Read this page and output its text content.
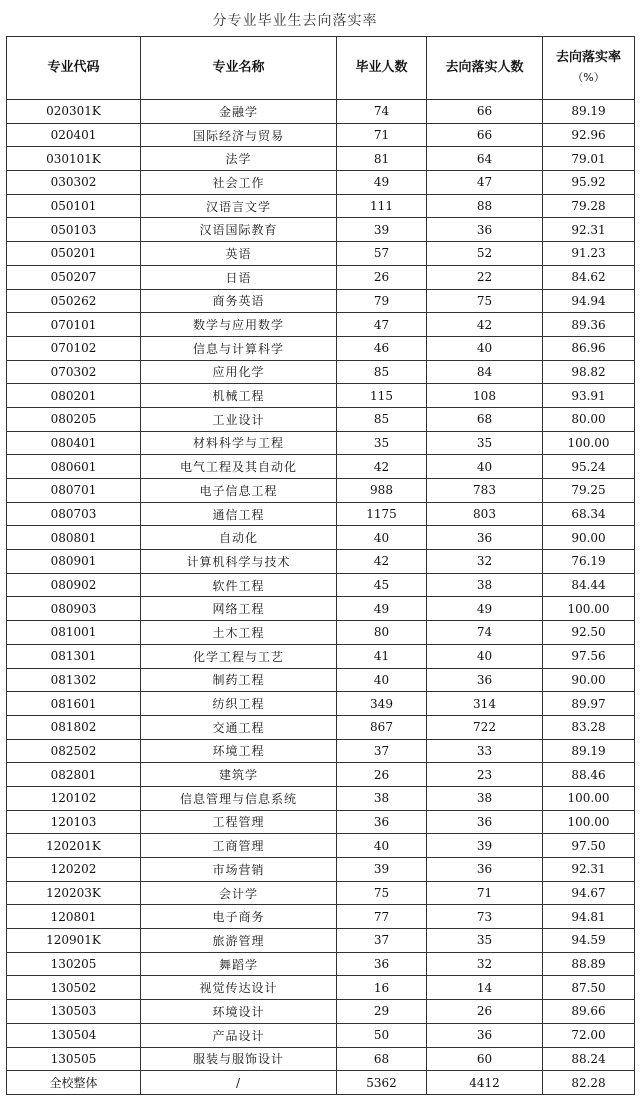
分专业毕业生去向落实率
专业代码	专业名称	毕业人数	去向落实人数	去向落实率
（%）

020301K	金融学	74	66	89.19
020401	国际经济与贸易	71	66	92.96
030101K	法学	81	64	79.01
030302	社会工作	49	47	95.92
050101	汉语言文学	111	88	79.28
050103	汉语国际教育	39	36	92.31
050201	英语	57	52	91.23
050207	日语	26	22	84.62
050262	商务英语	79	75	94.94
070101	数学与应用数学	47	42	89.36
070102	信息与计算科学	46	40	86.96
070302	应用化学	85	84	98.82
080201	机械工程	115	108	93.91
080205	工业设计	85	68	80.00
080401	材料科学与工程	35	35	100.00
080601	电气工程及其自动化	42	40	95.24
080701	电子信息工程	988	783	79.25
080703	通信工程	1175	803	68.34
080801	自动化	40	36	90.00
080901	计算机科学与技术	42	32	76.19
080902	软件工程	45	38	84.44
080903	网络工程	49	49	100.00
081001	土木工程	80	74	92.50
081301	化学工程与工艺	41	40	97.56
081302	制药工程	40	36	90.00
081601	纺织工程	349	314	89.97
081802	交通工程	867	722	83.28
082502	环境工程	37	33	89.19
082801	建筑学	26	23	88.46
120102	信息管理与信息系统	38	38	100.00
120103	工程管理	36	36	100.00
120201K	工商管理	40	39	97.50
120202	市场营销	39	36	92.31
120203K	会计学	75	71	94.67
120801	电子商务	77	73	94.81
120901K	旅游管理	37	35	94.59
130205	舞蹈学	36	32	88.89
130502	视觉传达设计	16	14	87.50
130503	环境设计	29	26	89.66
130504	产品设计	50	36	72.00
130505	服装与服饰设计	68	60	88.24
全校整体	/	5362	4412	82.28
